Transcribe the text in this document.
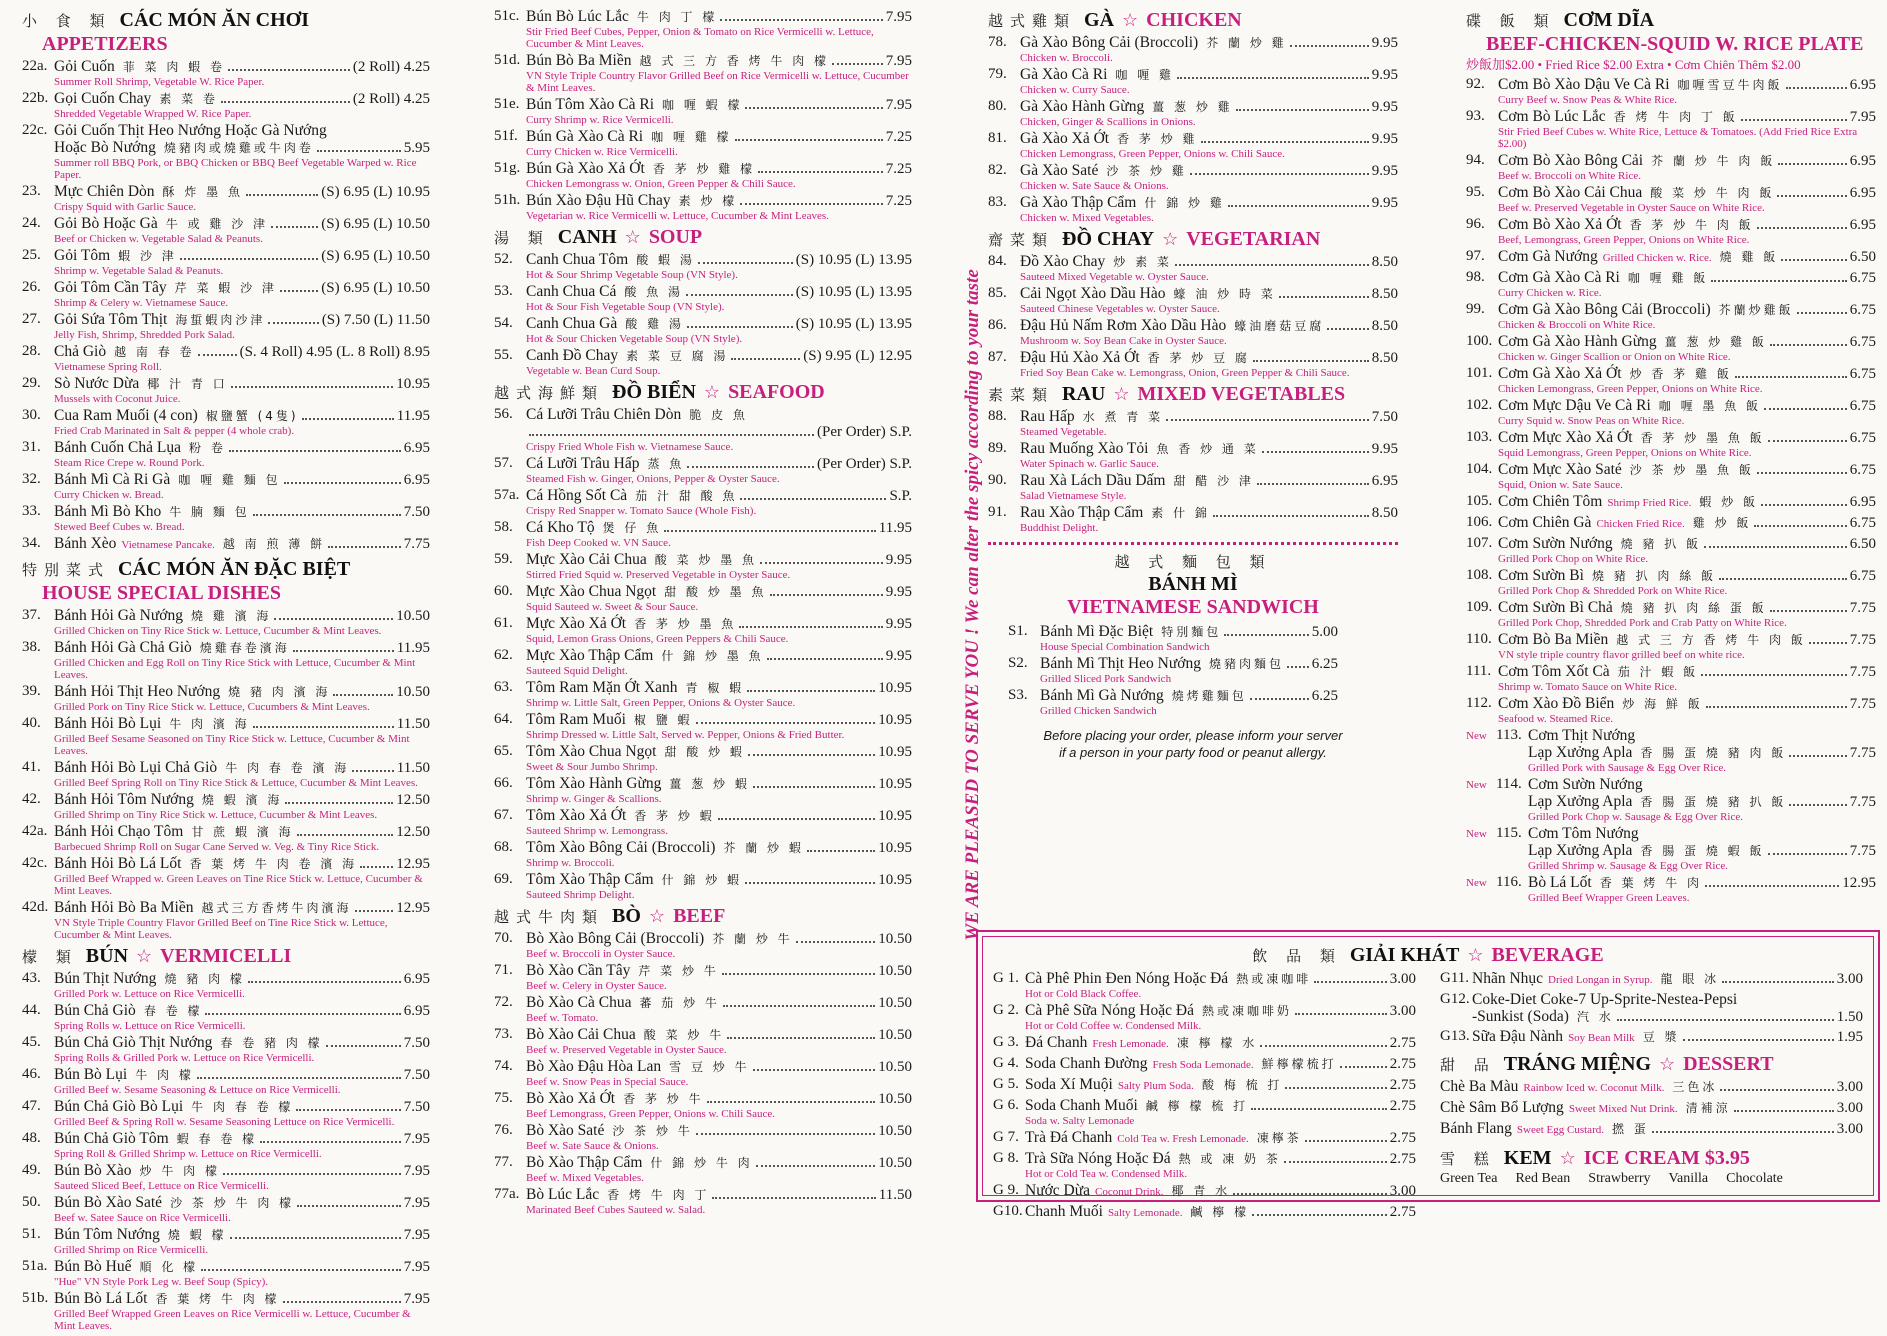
小 食 類 CÁC MÓN ĂN CHƠI
APPETIZERS
22a. Gỏi Cuốn 菲 菜 肉 蝦 卷	(2 Roll) 4.25
Summer Roll Shrimp, Vegetable W. Rice Paper.
22b. Gọi Cuốn Chay 素 菜 卷	(2 Roll) 4.25
Shredded Vegetable Wrapped W. Rice Paper.
22c. Gỏi Cuốn Thịt Heo Nướng Hoặc Gà Nướng
Hoặc Bò Nướng 燒豬肉或燒雞或牛肉卷	5.95
Summer roll BBQ Pork, or BBQ Chicken or BBQ Beef Vegetable Warped w. Rice Paper.
23. Mực Chiên Dòn 酥 炸 墨 魚	(S) 6.95 (L) 10.95
Crispy Squid with Garlic Sauce.
24. Gỏi Bò Hoặc Gà 牛 或 雞 沙 津	(S) 6.95 (L) 10.50
Beef or Chicken w. Vegetable Salad & Peanuts.
25. Gỏi Tôm 蝦 沙 津	(S) 6.95 (L) 10.50
Shrimp w. Vegetable Salad & Peanuts.
26. Gỏi Tôm Cần Tây 芹 菜 蝦 沙 津	(S) 6.95 (L) 10.50
Shrimp & Celery w. Vietnamese Sauce.
27. Gỏi Sứa Tôm Thịt 海蜇蝦肉沙津	(S) 7.50 (L) 11.50
Jelly Fish, Shrimp, Shredded Pork Salad.
28. Chả Giò 越 南 春 卷	(S. 4 Roll) 4.95 (L. 8 Roll) 8.95
Vietnamese Spring Roll.
29. Sò Nước Dừa 椰 汁 青 口	10.95
Mussels with Coconut Juice.
30. Cua Ram Muối (4 con) 椒鹽蟹 (4隻)	11.95
Fried Crab Marinated in Salt & pepper (4 whole crab).
31. Bánh Cuốn Chả Lụa 粉 卷	6.95
Steam Rice Crepe w. Round Pork.
32. Bánh Mì Cà Ri Gà 咖 喱 雞 麵 包	6.95
Curry Chicken w. Bread.
33. Bánh Mì Bò Kho 牛 腩 麵 包	7.50
Stewed Beef Cubes w. Bread.
34. Bánh Xèo Vietnamese Pancake. 越 南 煎 薄 餅	7.75
特別菜式 CÁC MÓN ĂN ĐẶC BIỆT
HOUSE SPECIAL DISHES
37. Bánh Hỏi Gà Nướng 燒 雞 濱 海	10.50
Grilled Chicken on Tiny Rice Stick w. Lettuce, Cucumber & Mint Leaves.
38. Bánh Hỏi Gà Chả Giò 燒雞春卷濱海	11.95
Grilled Chicken and Egg Roll on Tiny Rice Stick with Lettuce, Cucumber & Mint Leaves.
39. Bánh Hỏi Thịt Heo Nướng 燒 豬 肉 濱 海	10.50
Grilled Pork on Tiny Rice Stick w. Lettuce, Cucumbers & Mint Leaves.
40. Bánh Hỏi Bò Lụi 牛 肉 濱 海	11.50
Grilled Beef Sesame Seasoned on Tiny Rice Stick w. Lettuce, Cucumber & Mint Leaves.
41. Bánh Hỏi Bò Lụi Chả Giò 牛 肉 春 卷 濱 海	11.50
Grilled Beef Spring Roll on Tiny Rice Stick & Lettuce, Cucumber & Mint Leaves.
42. Bánh Hỏi Tôm Nướng 燒 蝦 濱 海	12.50
Grilled Shrimp on Tiny Rice Stick w. Lettuce, Cucumber & Mint Leaves.
42a. Bánh Hỏi Chạo Tôm 甘 蔗 蝦 濱 海	12.50
Barbecued Shrimp Roll on Sugar Cane Served w. Veg. & Tiny Rice Stick.
42c. Bánh Hỏi Bò Lá Lốt 香 葉 烤 牛 肉 卷 濱 海	12.95
Grilled Beef Wrapped w. Green Leaves on Tine Rice Stick w. Lettuce, Cucumber & Mint Leaves.
42d. Bánh Hỏi Bò Ba Miền 越式三方香烤牛肉濱海	12.95
VN Style Triple Country Flavor Grilled Beef on Tine Rice Stick w. Lettuce, Cucumber & Mint Leaves.
檬 類 BÚN ☆ VERMICELLI
43. Bún Thịt Nướng 燒 豬 肉 檬	6.95
Grilled Pork w. Lettuce on Rice Vermicelli.
44. Bún Chả Giò 春 卷 檬	6.95
Spring Rolls w. Lettuce on Rice Vermicelli.
45. Bún Chả Giò Thịt Nướng 春 卷 豬 肉 檬	7.50
Spring Rolls & Grilled Pork w. Lettuce on Rice Vermicelli.
46. Bún Bò Lụi 牛 肉 檬	7.50
Grilled Beef w. Sesame Seasoning & Lettuce on Rice Vermicelli.
47. Bún Chả Giò Bò Lụi 牛 肉 春 卷 檬	7.50
Grilled Beef & Spring Roll w. Sesame Seasoning Lettuce on Rice Vermicelli.
48. Bún Chả Giò Tôm 蝦 春 卷 檬	7.95
Spring Roll & Grilled Shrimp w. Lettuce on Rice Vermicelli.
49. Bún Bò Xào 炒 牛 肉 檬	7.95
Sauteed Sliced Beef, Lettuce on Rice Vermicelli.
50. Bún Bò Xào Saté 沙 茶 炒 牛 肉 檬	7.95
Beef w. Satee Sauce on Rice Vermicelli.
51. Bún Tôm Nướng 燒 蝦 檬	7.95
Grilled Shrimp on Rice Vermicelli.
51a. Bún Bò Huế 順 化 檬	7.95
"Hue" VN Style Pork Leg w. Beef Soup (Spicy).
51b. Bún Bò Lá Lốt 香 葉 烤 牛 肉 檬	7.95
Grilled Beef Wrapped Green Leaves on Rice Vermicelli w. Lettuce, Cucumber & Mint Leaves.
51c. Bún Bò Lúc Lắc 牛 肉 丁 檬	7.95
Stir Fried Beef Cubes, Pepper, Onion & Tomato on Rice Vermicelli w. Lettuce, Cucumber & Mint Leaves.
51d. Bún Bò Ba Miền 越 式 三 方 香 烤 牛 肉 檬	7.95
VN Style Triple Country Flavor Grilled Beef on Rice Vermicelli w. Lettuce, Cucumber & Mint Leaves.
51e. Bún Tôm Xào Cà Ri 咖 喱 蝦 檬	7.95
Curry Shrimp w. Rice Vermicelli.
51f. Bún Gà Xào Cà Ri 咖 喱 雞 檬	7.25
Curry Chicken w. Rice Vermicelli.
51g. Bún Gà Xào Xả Ớt 香 茅 炒 雞 檬	7.25
Chicken Lemongrass w. Onion, Green Pepper & Chili Sauce.
51h. Bún Xào Đậu Hũ Chay 素 炒 檬	7.25
Vegetarian w. Rice Vermicelli w. Lettuce, Cucumber & Mint Leaves.
湯 類 CANH ☆ SOUP
52. Canh Chua Tôm 酸 蝦 湯	(S) 10.95 (L) 13.95
Hot & Sour Shrimp Vegetable Soup (VN Style).
53. Canh Chua Cá 酸 魚 湯	(S) 10.95 (L) 13.95
Hot & Sour Fish Vegetable Soup (VN Style).
54. Canh Chua Gà 酸 雞 湯	(S) 10.95 (L) 13.95
Hot & Sour Chicken Vegetable Soup (VN Style).
55. Canh Đồ Chay 素 菜 豆 腐 湯	(S) 9.95 (L) 12.95
Vegetable w. Bean Curd Soup.
越式海鮮類 ĐỒ BIỂN ☆ SEAFOOD
56. Cá Lưỡi Trâu Chiên Dòn 脆 皮 魚
(Per Order) S.P.
Crispy Fried Whole Fish w. Vietnamese Sauce.
57. Cá Lưỡi Trâu Hấp 蒸 魚	(Per Order) S.P.
Steamed Fish w. Ginger, Onions, Pepper & Oyster Sauce.
57a. Cá Hồng Sốt Cà 茄 汁 甜 酸 魚	S.P.
Crispy Red Snapper w. Tomato Sauce (Whole Fish).
58. Cá Kho Tộ 煲 仔 魚	11.95
Fish Deep Cooked w. VN Sauce.
59. Mực Xào Cải Chua 酸 菜 炒 墨 魚	9.95
Stirred Fried Squid w. Preserved Vegetable in Oyster Sauce.
60. Mực Xào Chua Ngọt 甜 酸 炒 墨 魚	9.95
Squid Sauteed w. Sweet & Sour Sauce.
61. Mực Xào Xả Ớt 香 茅 炒 墨 魚	9.95
Squid, Lemon Grass Onions, Green Peppers & Chili Sauce.
62. Mực Xào Thập Cẩm 什 錦 炒 墨 魚	9.95
Sauteed Squid Delight.
63. Tôm Ram Mặn Ớt Xanh 青 椒 蝦	10.95
Shrimp w. Little Salt, Green Pepper, Onions & Oyster Sauce.
64. Tôm Ram Muối 椒 鹽 蝦	10.95
Shrimp Dressed w. Little Salt, Served w. Pepper, Onions & Fried Butter.
65. Tôm Xào Chua Ngọt 甜 酸 炒 蝦	10.95
Sweet & Sour Jumbo Shrimp.
66. Tôm Xào Hành Gừng 薑 葱 炒 蝦	10.95
Shrimp w. Ginger & Scallions.
67. Tôm Xào Xả Ớt 香 茅 炒 蝦	10.95
Sauteed Shrimp w. Lemongrass.
68. Tôm Xào Bông Cải (Broccoli) 芥 蘭 炒 蝦	10.95
Shrimp w. Broccoli.
69. Tôm Xào Thập Cẩm 什 錦 炒 蝦	10.95
Sauteed Shrimp Delight.
越式牛肉類 BÒ ☆ BEEF
70. Bò Xào Bông Cải (Broccoli) 芥 蘭 炒 牛	10.50
Beef w. Broccoli in Oyster Sauce.
71. Bò Xào Cần Tây 芹 菜 炒 牛	10.50
Beef w. Celery in Oyster Sauce.
72. Bò Xào Cà Chua 蕃 茄 炒 牛	10.50
Beef w. Tomato.
73. Bò Xào Cải Chua 酸 菜 炒 牛	10.50
Beef w. Preserved Vegetable in Oyster Sauce.
74. Bò Xào Đậu Hòa Lan 雪 豆 炒 牛	10.50
Beef w. Snow Peas in Special Sauce.
75. Bò Xào Xả Ớt 香 茅 炒 牛	10.50
Beef Lemongrass, Green Pepper, Onions w. Chili Sauce.
76. Bò Xào Saté 沙 茶 炒 牛	10.50
Beef w. Sate Sauce & Onions.
77. Bò Xào Thập Cẩm 什 錦 炒 牛 肉	10.50
Beef w. Mixed Vegetables.
77a. Bò Lúc Lắc 香 烤 牛 肉 丁	11.50
Marinated Beef Cubes Sauteed w. Salad.
越式雞類 GÀ ☆ CHICKEN
78. Gà Xào Bông Cải (Broccoli) 芥 蘭 炒 雞	9.95
Chicken w. Broccoli.
79. Gà Xào Cà Ri 咖 喱 雞	9.95
Chicken w. Curry Sauce.
80. Gà Xào Hành Gừng 薑 葱 炒 雞	9.95
Chicken, Ginger & Scallions in Onions.
81. Gà Xào Xả Ớt 香 茅 炒 雞	9.95
Chicken Lemongrass, Green Pepper, Onions w. Chili Sauce.
82. Gà Xào Saté 沙 茶 炒 雞	9.95
Chicken w. Sate Sauce & Onions.
83. Gà Xào Thập Cẩm 什 錦 炒 雞	9.95
Chicken w. Mixed Vegetables.
齋菜類 ĐỒ CHAY ☆ VEGETARIAN
84. Đồ Xào Chay 炒 素 菜	8.50
Sauteed Mixed Vegetable w. Oyster Sauce.
85. Cải Ngọt Xào Dầu Hào 蠔 油 炒 時 菜	8.50
Sauteed Chinese Vegetables w. Oyster Sauce.
86. Đậu Hủ Nấm Rơm Xào Dầu Hào 蠔油磨菇豆腐	8.50
Mushroom w. Soy Bean Cake in Oyster Sauce.
87. Đậu Hủ Xào Xả Ớt 香 茅 炒 豆 腐	8.50
Fried Soy Bean Cake w. Lemongrass, Onion, Green Pepper & Chili Sauce.
素菜類 RAU ☆ MIXED VEGETABLES
88. Rau Hấp 水 煮 青 菜	7.50
Steamed Vegetable.
89. Rau Muống Xào Tỏi 魚 香 炒 通 菜	9.95
Water Spinach w. Garlic Sauce.
90. Rau Xà Lách Dầu Dấm 甜 醋 沙 津	6.95
Salad Vietnamese Style.
91. Rau Xào Thập Cẩm 素 什 錦	8.50
Buddhist Delight.
越 式 麵 包 類
BÁNH MÌ
VIETNAMESE SANDWICH
S1. Bánh Mì Đặc Biệt 特別麵包	5.00
House Special Combination Sandwich
S2. Bánh Mì Thịt Heo Nướng 燒豬肉麵包 6.25
Grilled Sliced Pork Sandwich
S3. Bánh Mì Gà Nướng 燒烤雞麵包	6.25
Grilled Chicken Sandwich
Before placing your order, please inform your server
if a person in your party food or peanut allergy.
碟 飯 類 CƠM DĨA
BEEF-CHICKEN-SQUID W. RICE PLATE
炒飯加$2.00 • Fried Rice $2.00 Extra • Cơm Chiên Thêm $2.00
92. Cơm Bò Xào Dậu Ve Cà Ri 咖喱雪豆牛肉飯	6.95
Curry Beef w. Snow Peas & White Rice.
93. Cơm Bò Lúc Lắc 香 烤 牛 肉 丁 飯	7.95
Stir Fried Beef Cubes w. White Rice, Lettuce & Tomatoes. (Add Fried Rice Extra $2.00)
94. Cơm Bò Xào Bông Cải 芥 蘭 炒 牛 肉 飯	6.95
Beef w. Broccoli on White Rice.
95. Cơm Bò Xào Cải Chua 酸 菜 炒 牛 肉 飯	6.95
Beef w. Preserved Vegetable in Oyster Sauce on White Rice.
96. Cơm Bò Xào Xả Ớt 香 茅 炒 牛 肉 飯	6.95
Beef, Lemongrass, Green Pepper, Onions on White Rice.
97. Cơm Gà Nướng Grilled Chicken w. Rice. 燒 雞 飯	6.50
98. Cơm Gà Xào Cà Ri 咖 喱 雞 飯	6.75
Curry Chicken w. Rice.
99. Cơm Gà Xào Bông Cải (Broccoli) 芥蘭炒雞飯	6.75
Chicken & Broccoli on White Rice.
100. Cơm Gà Xào Hành Gừng 薑 葱 炒 雞 飯	6.75
Chicken w. Ginger Scallion or Onion on White Rice.
101. Cơm Gà Xào Xả Ớt 炒 香 茅 雞 飯	6.75
Chicken Lemongrass, Green Pepper, Onions on White Rice.
102. Cơm Mực Dậu Ve Cà Ri 咖 喱 墨 魚 飯	6.75
Curry Squid w. Snow Peas on White Rice.
103. Cơm Mực Xào Xả Ớt 香 茅 炒 墨 魚 飯	6.75
Squid Lemongrass, Green Pepper, Onions on White Rice.
104. Cơm Mực Xào Saté 沙 茶 炒 墨 魚 飯	6.75
Squid, Onion w. Sate Sauce.
105. Cơm Chiên Tôm Shrimp Fried Rice. 蝦 炒 飯	6.95
106. Cơm Chiên Gà Chicken Fried Rice. 雞 炒 飯	6.75
107. Cơm Sườn Nướng 燒 豬 扒 飯	6.50
Grilled Pork Chop on White Rice.
108. Cơm Sườn Bì 燒 豬 扒 肉 絲 飯	6.75
Grilled Pork Chop & Shredded Pork on White Rice.
109. Cơm Sườn Bì Chả 燒 豬 扒 肉 絲 蛋 飯	7.75
Grilled Pork Chop, Shredded Pork and Crab Patty on White Rice.
110. Cơm Bò Ba Miền 越 式 三 方 香 烤 牛 肉 飯	7.75
VN style triple country flavor grilled beef on white rice.
111. Cơm Tôm Xốt Cà 茄 汁 蝦 飯	7.75
Shrimp w. Tomato Sauce on White Rice.
112. Cơm Xào Đồ Biển 炒 海 鮮 飯	7.75
Seafood w. Steamed Rice.
New 113. Cơm Thịt Nướng
Lạp Xưởng Apla 香 腸 蛋 燒 豬 肉 飯	7.75
Grilled Pork with Sausage & Egg Over Rice.
New 114. Cơm Sườn Nướng
Lạp Xưởng Apla 香 腸 蛋 燒 豬 扒 飯	7.75
Grilled Pork Chop w. Sausage & Egg Over Rice.
New 115. Cơm Tôm Nướng
Lạp Xưởng Apla 香 腸 蛋 燒 蝦 飯	7.75
Grilled Shrimp w. Sausage & Egg Over Rice.
New 116. Bò Lá Lốt 香 葉 烤 牛 肉	12.95
Grilled Beef Wrapper Green Leaves.
WE ARE PLEASED TO SERVE YOU ! We can alter the spicy according to your taste
飲 品 類 GIẢI KHÁT ☆ BEVERAGE
G 1. Cà Phê Phin Đen Nóng Hoặc Đá 熱或凍咖啡	3.00
Hot or Cold Black Coffee.
G 2. Cà Phê Sữa Nóng Hoặc Đá 熱或凍咖啡奶	3.00
Hot or Cold Coffee w. Condensed Milk.
G 3. Đá Chanh Fresh Lemonade. 凍 檸 檬 水	2.75
G 4. Soda Chanh Đường Fresh Soda Lemonade. 鮮檸檬梳打	2.75
G 5. Soda Xí Muội Salty Plum Soda. 酸 梅 梳 打	2.75
G 6. Soda Chanh Muối 鹹 檸 檬 梳 打	2.75
Soda w. Salty Lemonade
G 7. Trà Đá Chanh Cold Tea w. Fresh Lemonade. 凍檸茶	2.75
G 8. Trà Sữa Nóng Hoặc Đá 熱 或 凍 奶 茶	2.75
Hot or Cold Tea w. Condensed Milk.
G 9. Nước Dừa Coconut Drink. 椰 青 水	3.00
G10. Chanh Muối Salty Lemonade. 鹹 檸 檬	2.75
G11. Nhãn Nhục Dried Longan in Syrup. 龍 眼 冰	3.00
G12. Coke-Diet Coke-7 Up-Sprite-Nestea-Pepsi
-Sunkist (Soda) 汽 水	1.50
G13. Sữa Đậu Nành Soy Bean Milk 豆 漿	1.95
甜 品 TRÁNG MIỆNG ☆ DESSERT
Chè Ba Màu Rainbow Iced w. Coconut Milk. 三色冰	3.00
Chè Sâm Bổ Lượng Sweet Mixed Nut Drink. 清補涼	3.00
Bánh Flang Sweet Egg Custard. 撚 蛋	3.00
雪 糕 KEM ☆ ICE CREAM $3.95
Green Tea Red Bean Strawberry Vanilla Chocolate
